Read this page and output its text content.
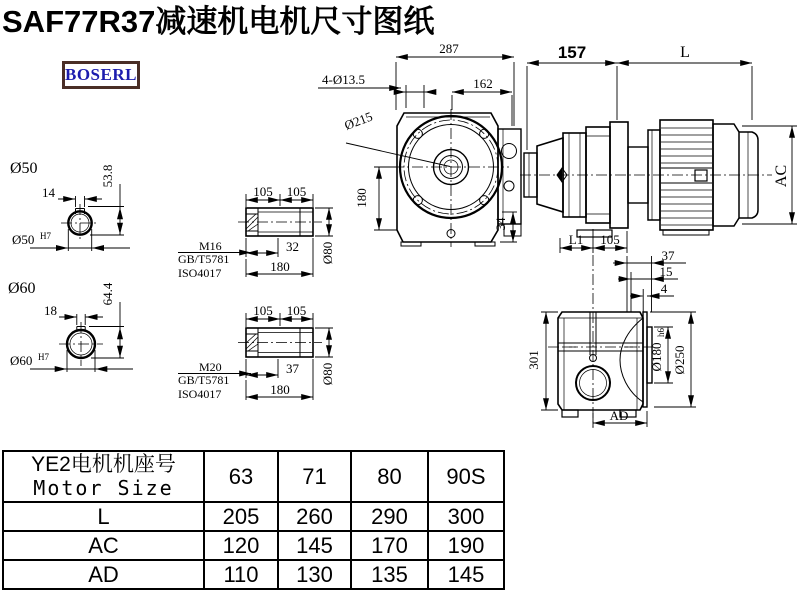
SAF77R37减速机电机尺寸图纸
BOSERL
Ø50
14
53.8
Ø50 H7
Ø60
18
64.4
Ø60 H7
105 105
32
180
Ø80
M16
GB/T5781
ISO4017
105 105
37
180
Ø80
M20
GB/T5781
ISO4017
287
162
4-Ø13.5
Ø215
180
34
157	L
AC
L1 105
37
15
4
301	Ø180
h6
Ø250
AD
YE2电机机座号
Motor Size	63	71	80	90S
L	205	260	290	300
AC	120	145	170	190
AD	110	130	135	145
